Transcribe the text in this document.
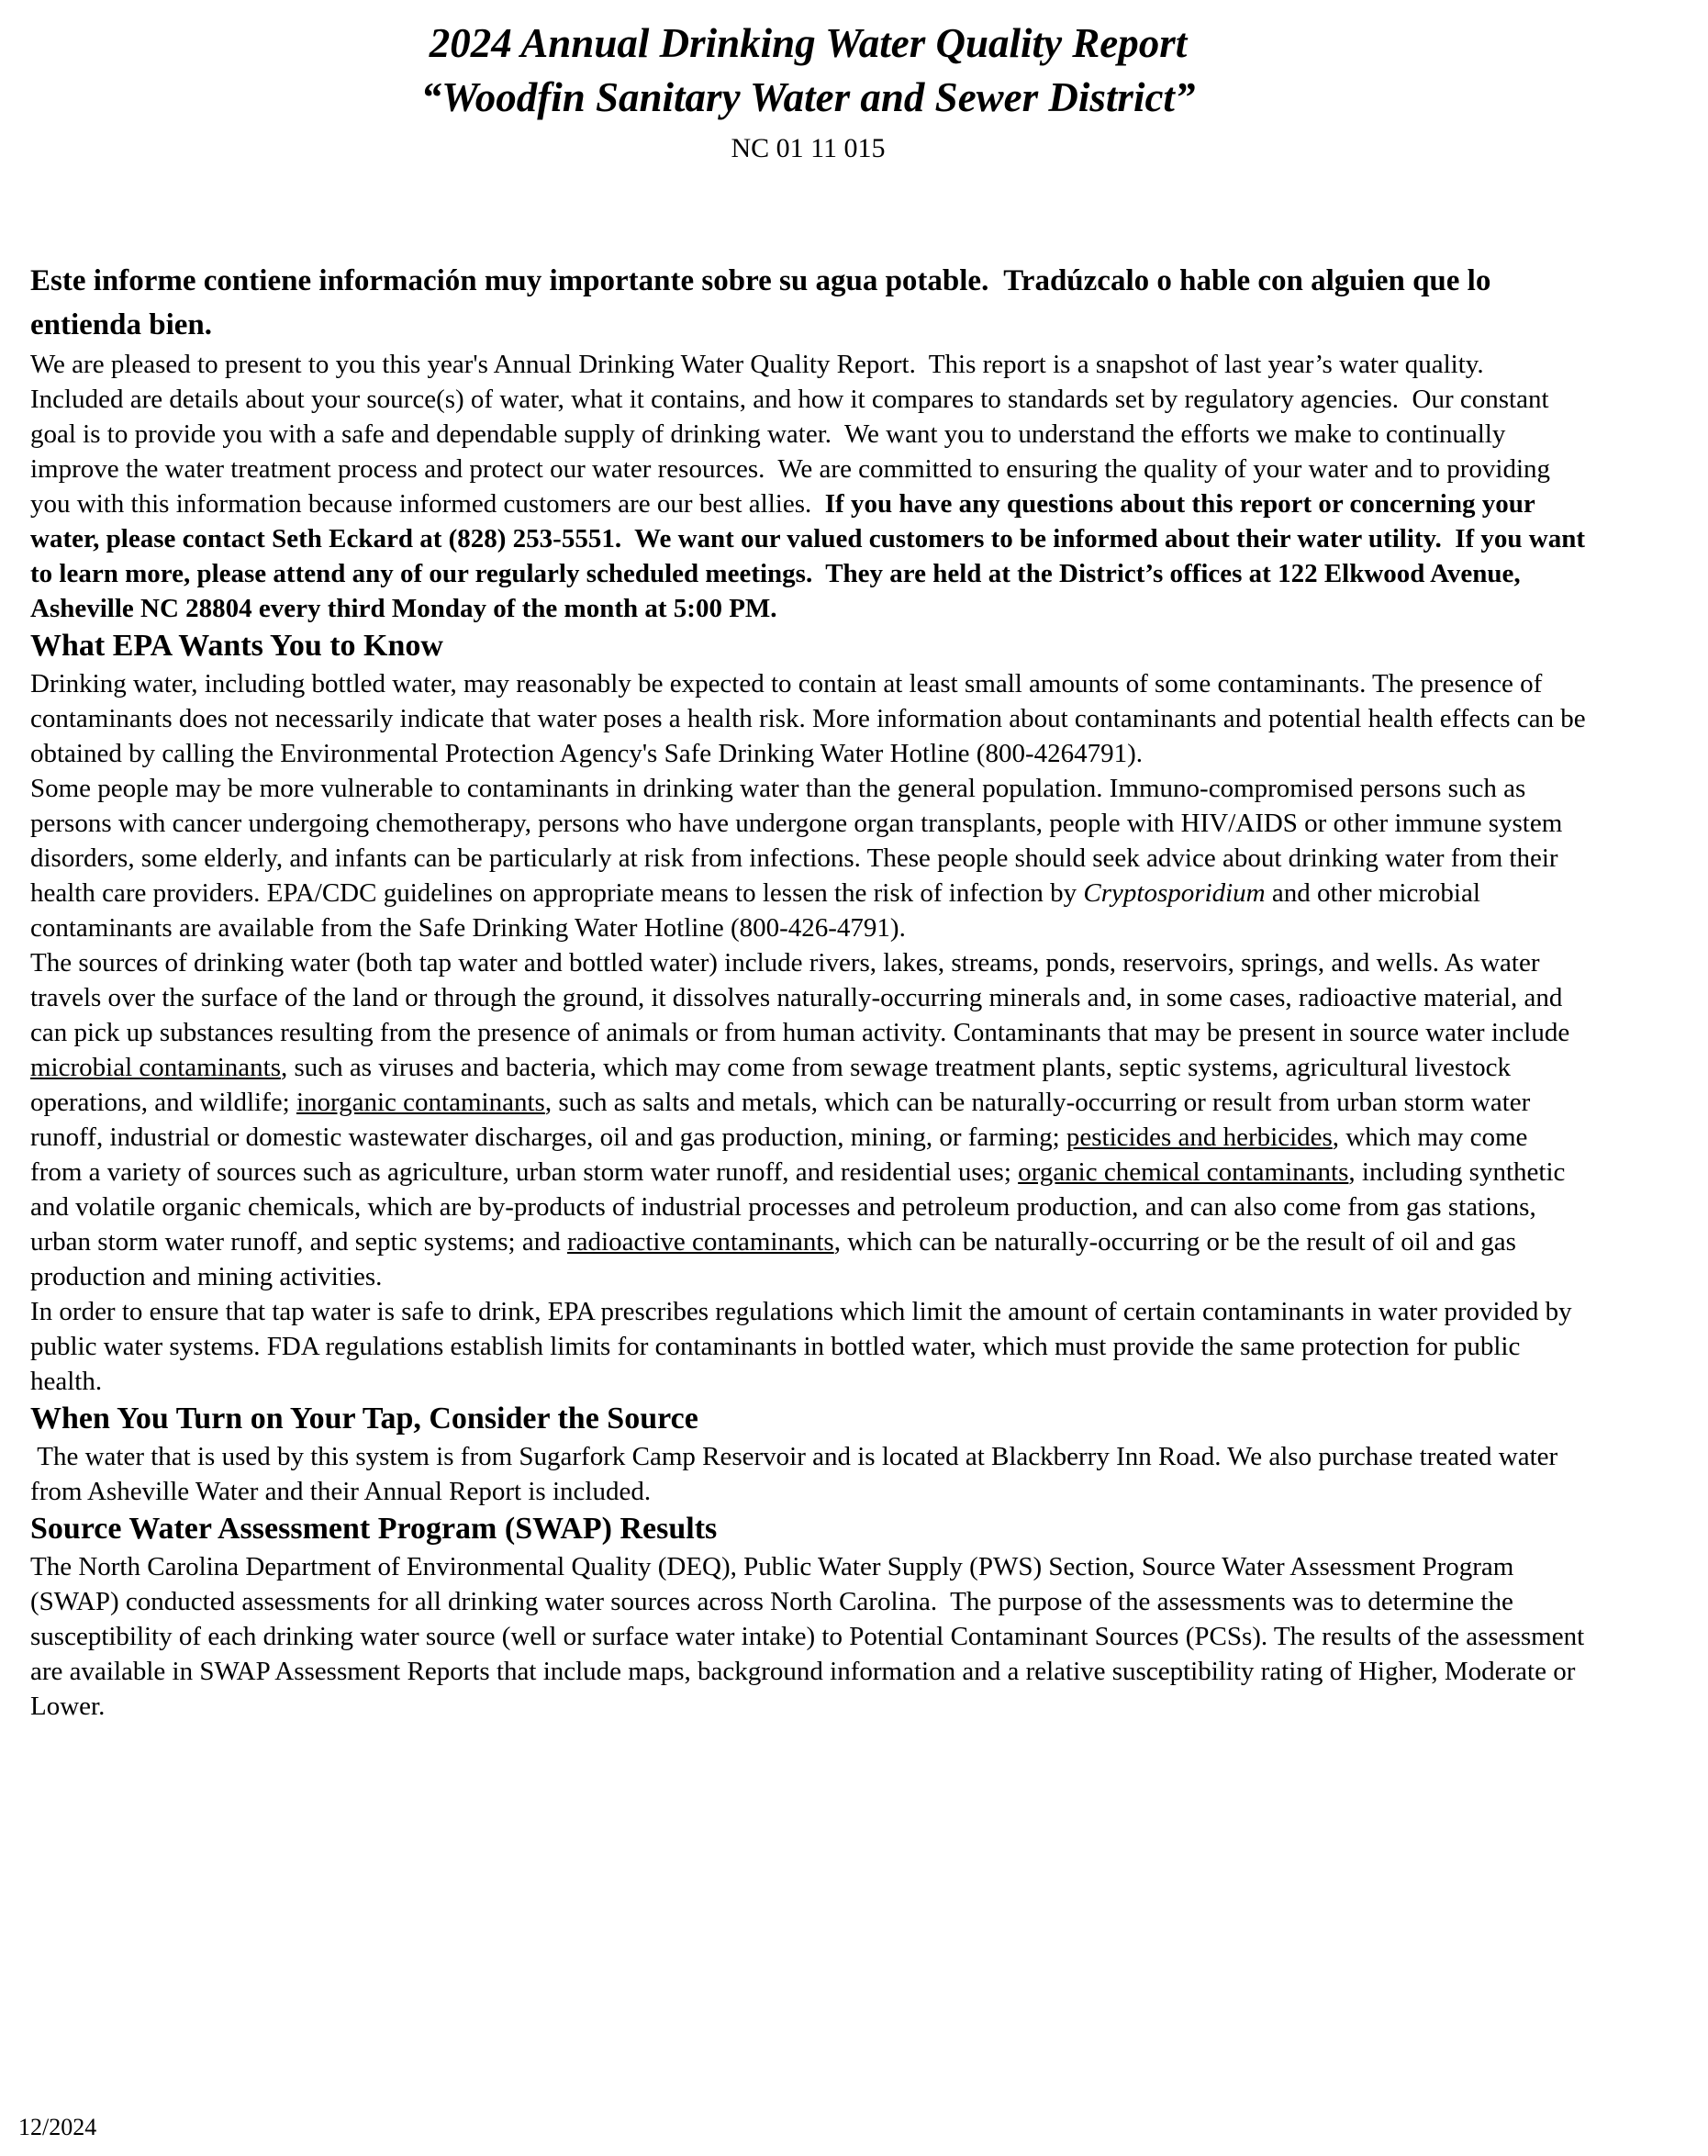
2024 Annual Drinking Water Quality Report
“Woodfin Sanitary Water and Sewer District”
NC 01 11 015

Este informe contiene información muy importante sobre su agua potable.  Tradúzcalo o hable con alguien que lo entienda bien.

We are pleased to present to you this year's Annual Drinking Water Quality Report.  This report is a snapshot of last year’s water quality.  Included are details about your source(s) of water, what it contains, and how it compares to standards set by regulatory agencies.  Our constant goal is to provide you with a safe and dependable supply of drinking water.  We want you to understand the efforts we make to continually improve the water treatment process and protect our water resources.  We are committed to ensuring the quality of your water and to providing you with this information because informed customers are our best allies.  If you have any questions about this report or concerning your water, please contact Seth Eckard at (828) 253-5551.  We want our valued customers to be informed about their water utility.  If you want to learn more, please attend any of our regularly scheduled meetings.  They are held at the District’s offices at 122 Elkwood Avenue, Asheville NC 28804 every third Monday of the month at 5:00 PM.

What EPA Wants You to Know

Drinking water, including bottled water, may reasonably be expected to contain at least small amounts of some contaminants. The presence of contaminants does not necessarily indicate that water poses a health risk. More information about contaminants and potential health effects can be obtained by calling the Environmental Protection Agency's Safe Drinking Water Hotline (800-4264791).

Some people may be more vulnerable to contaminants in drinking water than the general population. Immuno-compromised persons such as persons with cancer undergoing chemotherapy, persons who have undergone organ transplants, people with HIV/AIDS or other immune system disorders, some elderly, and infants can be particularly at risk from infections. These people should seek advice about drinking water from their health care providers. EPA/CDC guidelines on appropriate means to lessen the risk of infection by Cryptosporidium and other microbial contaminants are available from the Safe Drinking Water Hotline (800-426-4791).

The sources of drinking water (both tap water and bottled water) include rivers, lakes, streams, ponds, reservoirs, springs, and wells. As water travels over the surface of the land or through the ground, it dissolves naturally-occurring minerals and, in some cases, radioactive material, and can pick up substances resulting from the presence of animals or from human activity. Contaminants that may be present in source water include microbial contaminants, such as viruses and bacteria, which may come from sewage treatment plants, septic systems, agricultural livestock operations, and wildlife; inorganic contaminants, such as salts and metals, which can be naturally-occurring or result from urban storm water runoff, industrial or domestic wastewater discharges, oil and gas production, mining, or farming; pesticides and herbicides, which may come from a variety of sources such as agriculture, urban storm water runoff, and residential uses; organic chemical contaminants, including synthetic and volatile organic chemicals, which are by-products of industrial processes and petroleum production, and can also come from gas stations, urban storm water runoff, and septic systems; and radioactive contaminants, which can be naturally-occurring or be the result of oil and gas production and mining activities.

In order to ensure that tap water is safe to drink, EPA prescribes regulations which limit the amount of certain contaminants in water provided by public water systems. FDA regulations establish limits for contaminants in bottled water, which must provide the same protection for public health.

When You Turn on Your Tap, Consider the Source

The water that is used by this system is from Sugarfork Camp Reservoir and is located at Blackberry Inn Road. We also purchase treated water from Asheville Water and their Annual Report is included.

Source Water Assessment Program (SWAP) Results

The North Carolina Department of Environmental Quality (DEQ), Public Water Supply (PWS) Section, Source Water Assessment Program (SWAP) conducted assessments for all drinking water sources across North Carolina.  The purpose of the assessments was to determine the susceptibility of each drinking water source (well or surface water intake) to Potential Contaminant Sources (PCSs). The results of the assessment are available in SWAP Assessment Reports that include maps, background information and a relative susceptibility rating of Higher, Moderate or Lower.

12/2024
